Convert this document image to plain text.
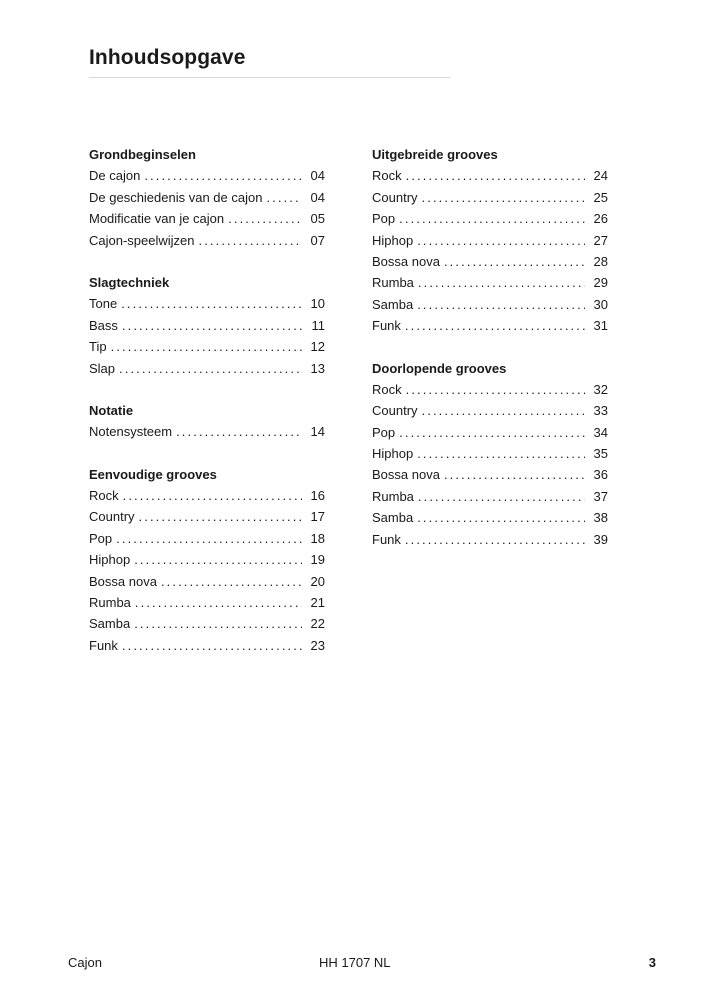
Inhoudsopgave
Grondbeginselen
De cajon .....	04
De geschiedenis van de cajon .....	04
Modificatie van je cajon .....	05
Cajon-speelwijzen .....	07
Slagtechniek
Tone .....	10
Bass .....	11
Tip .....	12
Slap .....	13
Notatie
Notensysteem .....	14
Eenvoudige grooves
Rock .....	16
Country .....	17
Pop .....	18
Hiphop .....	19
Bossa nova .....	20
Rumba .....	21
Samba .....	22
Funk .....	23
Uitgebreide grooves
Rock .....	24
Country .....	25
Pop .....	26
Hiphop .....	27
Bossa nova .....	28
Rumba .....	29
Samba .....	30
Funk .....	31
Doorlopende grooves
Rock .....	32
Country .....	33
Pop .....	34
Hiphop .....	35
Bossa nova .....	36
Rumba .....	37
Samba .....	38
Funk .....	39
Cajon	HH 1707 NL	3
